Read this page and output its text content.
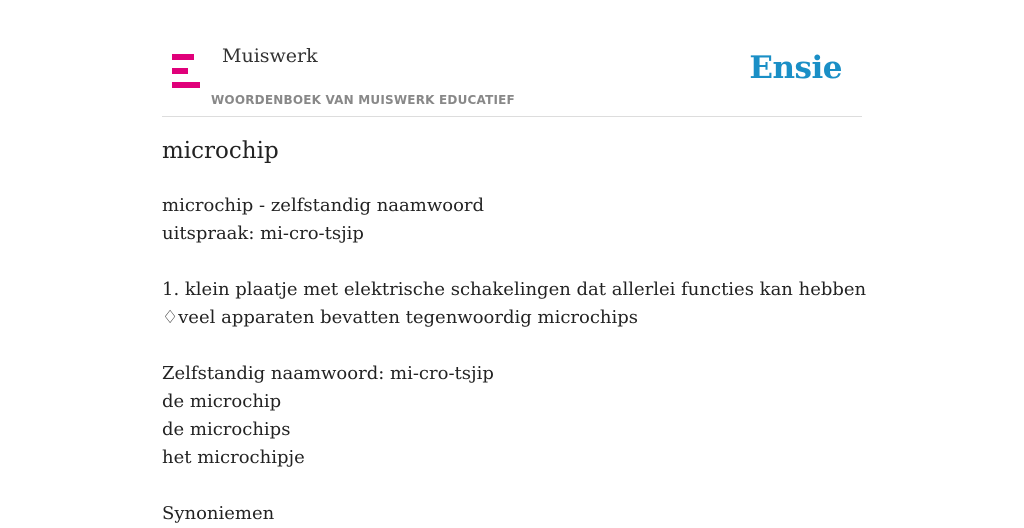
Muiswerk
WOORDENBOEK VAN MUISWERK EDUCATIEF
Ensie
microchip
microchip - zelfstandig naamwoord
uitspraak: mi-cro-tsjip
1. klein plaatje met elektrische schakelingen dat allerlei functies kan hebben
♢veel apparaten bevatten tegenwoordig microchips
Zelfstandig naamwoord: mi-cro-tsjip
de microchip
de microchips
het microchipje
Synoniemen
